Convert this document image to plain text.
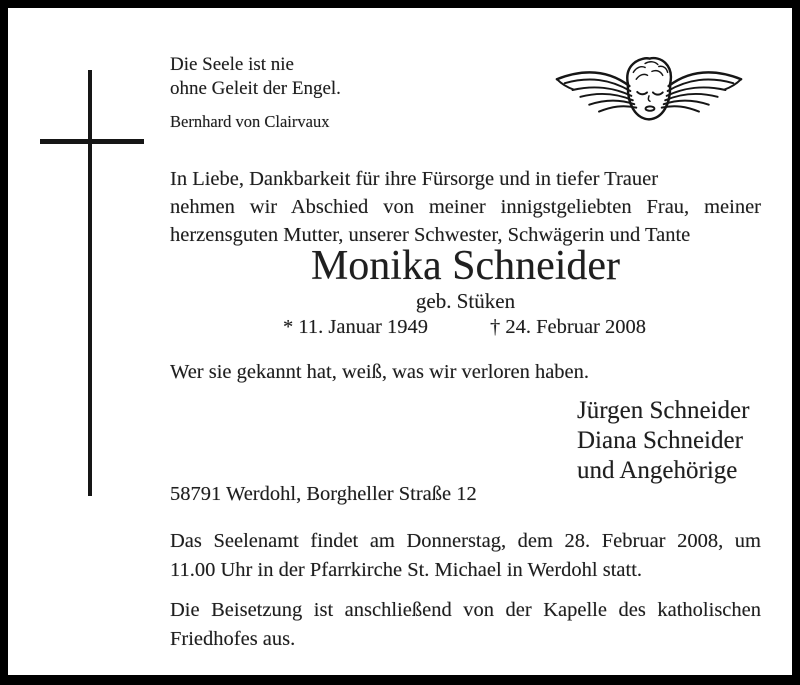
Die Seele ist nie
ohne Geleit der Engel.
Bernhard von Clairvaux
In Liebe, Dankbarkeit für ihre Fürsorge und in tiefer Trauer
nehmen wir Abschied von meiner innigstgeliebten Frau, meiner
herzensguten Mutter, unserer Schwester, Schwägerin und Tante
Monika Schneider
geb. Stüken
* 11. Januar 1949	† 24. Februar 2008
Wer sie gekannt hat, weiß, was wir verloren haben.
Jürgen Schneider
Diana Schneider
und Angehörige
58791 Werdohl, Borgheller Straße 12
Das Seelenamt findet am Donnerstag, dem 28. Februar 2008, um
11.00 Uhr in der Pfarrkirche St. Michael in Werdohl statt.
Die Beisetzung ist anschließend von der Kapelle des katholischen
Friedhofes aus.
